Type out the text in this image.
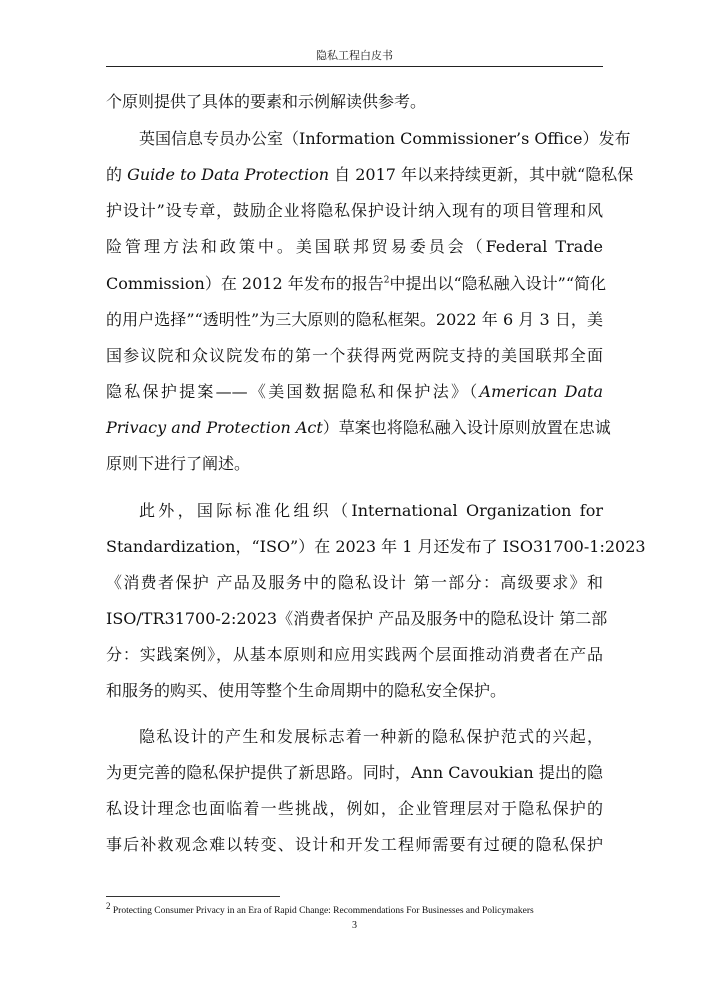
隐私工程白皮书
个原则提供了具体的要素和示例解读供参考。
英国信息专员办公室（Information Commissioner’s Office）发布
的 Guide to Data Protection 自 2017 年以来持续更新，其中就“隐私保
护设计”设专章，鼓励企业将隐私保护设计纳入现有的项目管理和风
险管理方法和政策中。美国联邦贸易委员会（Federal Trade
Commission）在 2012 年发布的报告$^2$中提出以“隐私融入设计”“简化
的用户选择”“透明性”为三大原则的隐私框架。2022 年 6 月 3 日，美
国参议院和众议院发布的第一个获得两党两院支持的美国联邦全面
隐私保护提案——《美国数据隐私和保护法》（American Data
Privacy and Protection Act）草案也将隐私融入设计原则放置在忠诚
原则下进行了阐述。
此外，国际标准化组织（International Organization for
Standardization，“ISO”）在 2023 年 1 月还发布了 ISO31700-1:2023
《消费者保护 产品及服务中的隐私设计 第一部分：高级要求》和
ISO/TR31700-2:2023《消费者保护 产品及服务中的隐私设计 第二部
分：实践案例》，从基本原则和应用实践两个层面推动消费者在产品
和服务的购买、使用等整个生命周期中的隐私安全保护。
隐私设计的产生和发展标志着一种新的隐私保护范式的兴起，
为更完善的隐私保护提供了新思路。同时，Ann Cavoukian 提出的隐
私设计理念也面临着一些挑战，例如，企业管理层对于隐私保护的
事后补救观念难以转变、设计和开发工程师需要有过硬的隐私保护
$^2$ Protecting Consumer Privacy in an Era of Rapid Change: Recommendations For Businesses and Policymakers
3
